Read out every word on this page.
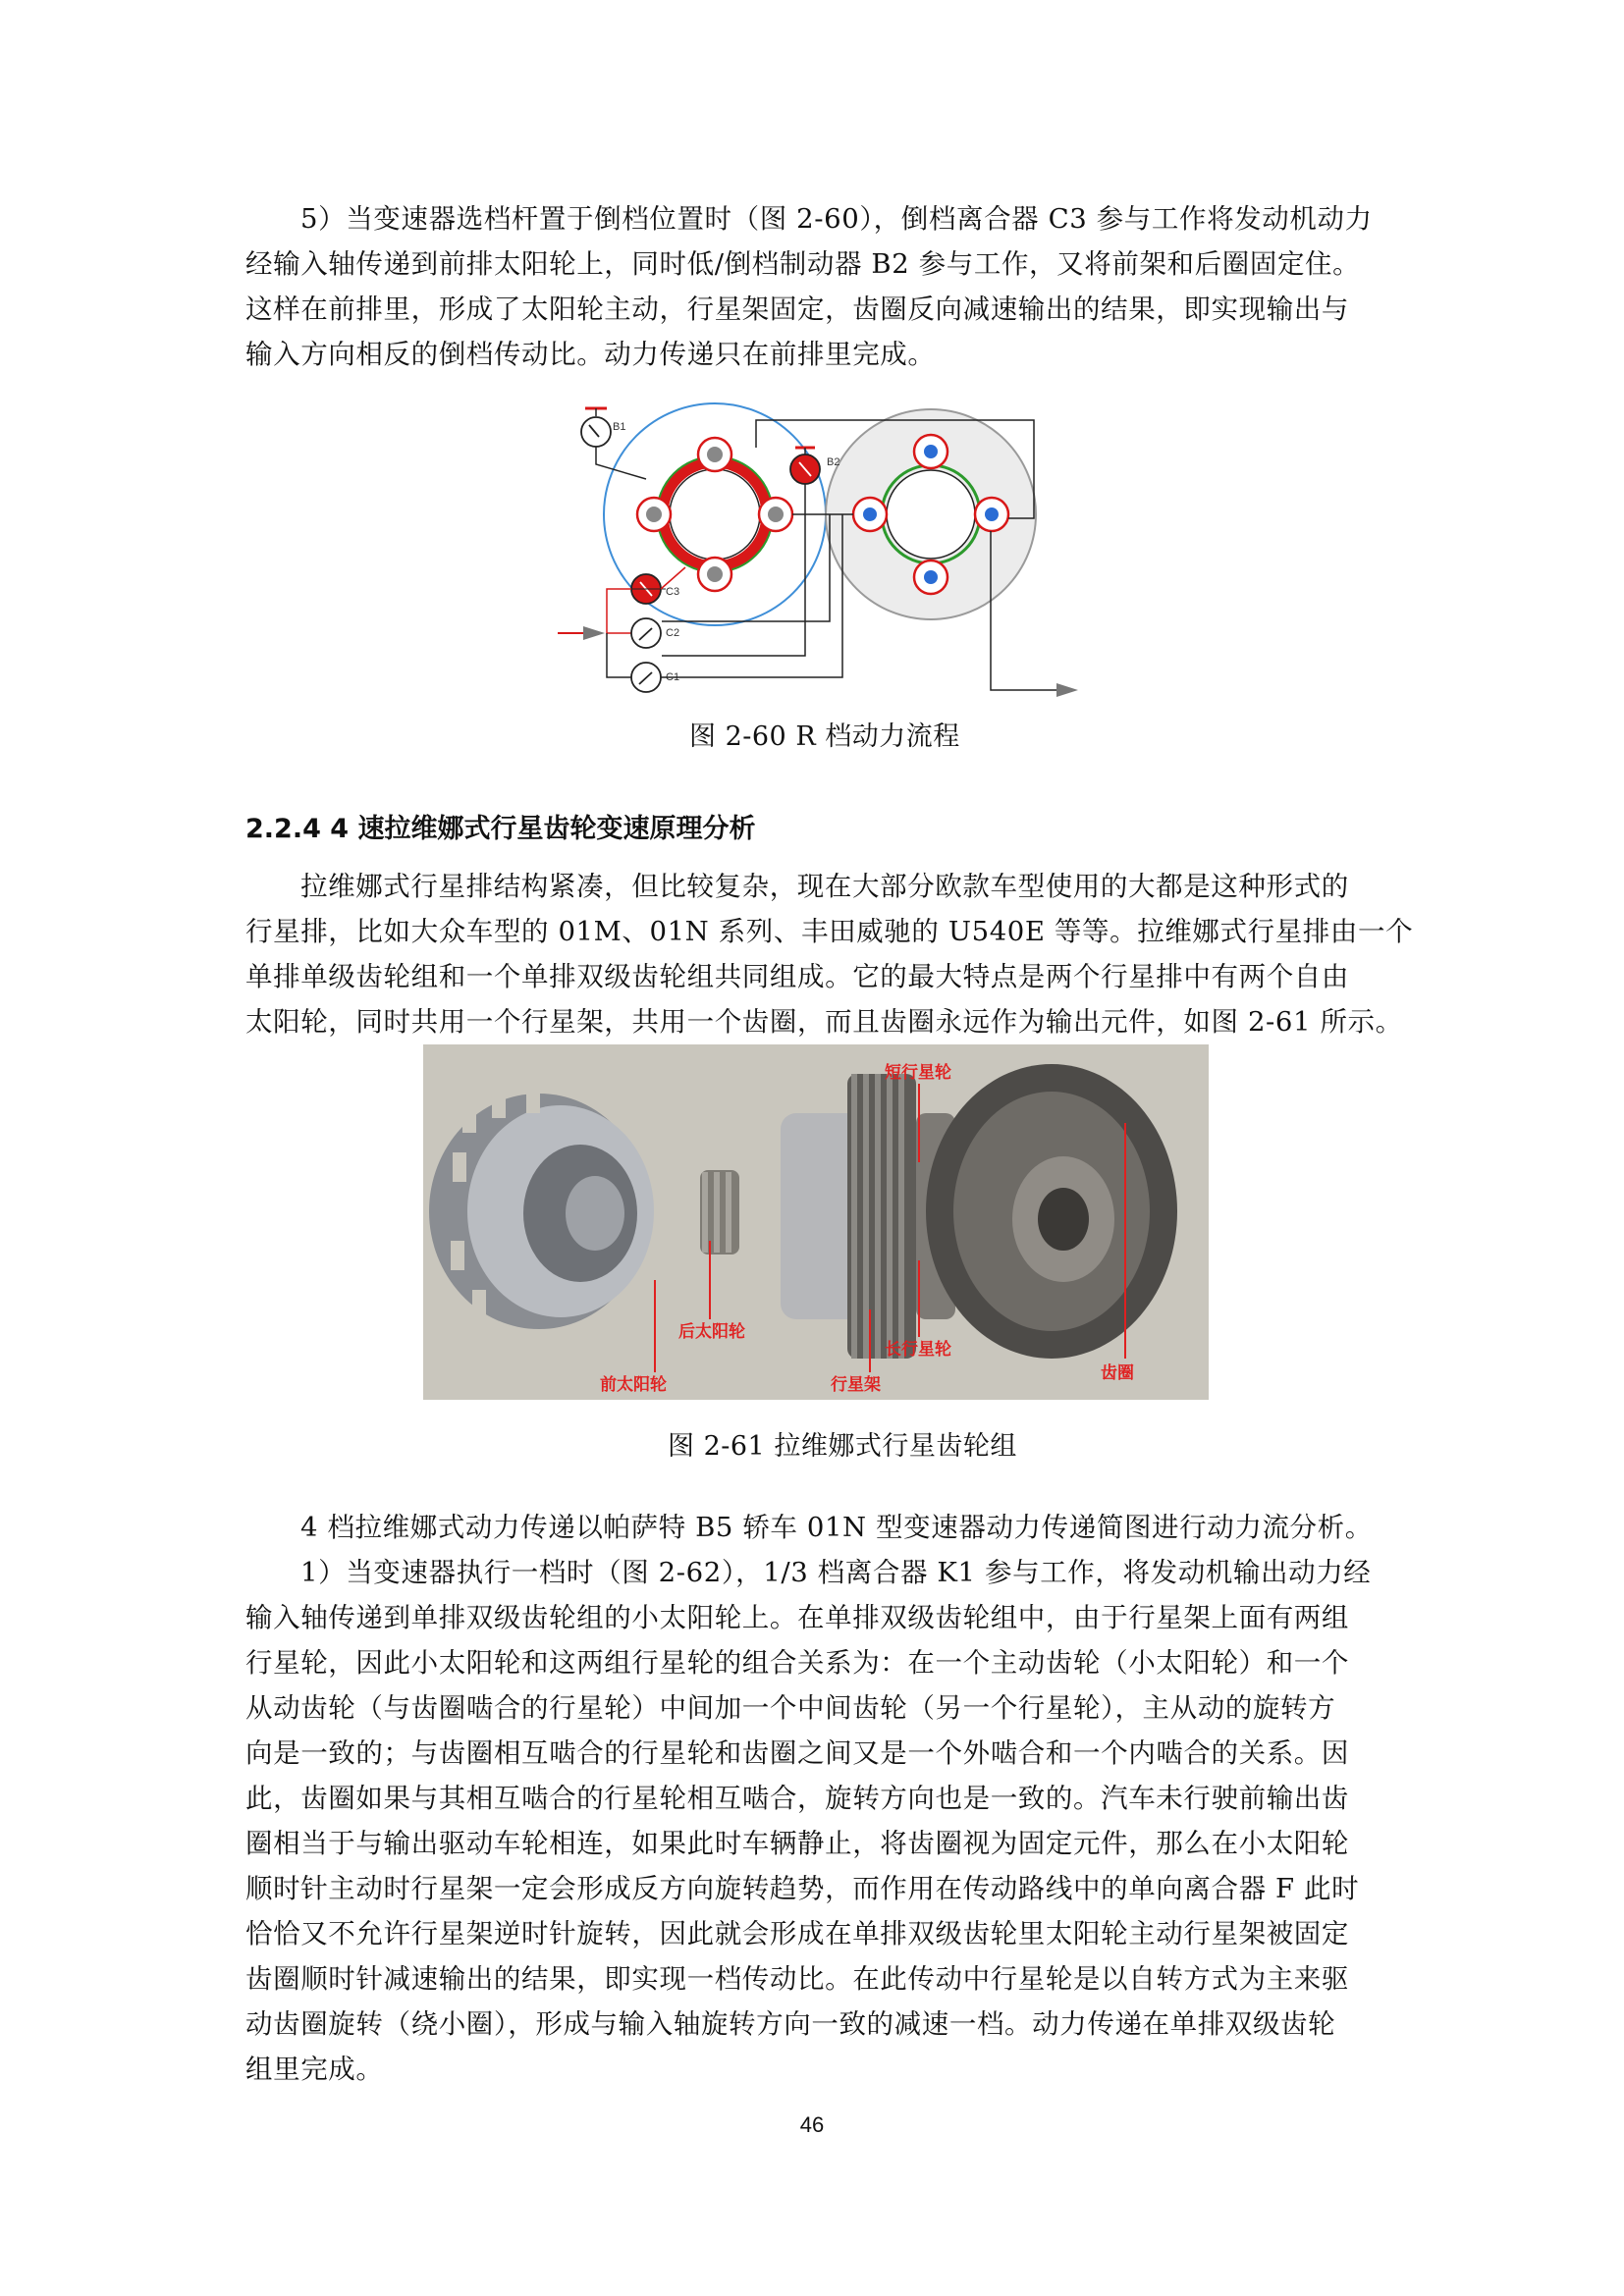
5）当变速器选档杆置于倒档位置时（图 2-60），倒档离合器 C3 参与工作将发动机动力
经输入轴传递到前排太阳轮上，同时低/倒档制动器 B2 参与工作，又将前架和后圈固定住。
这样在前排里，形成了太阳轮主动，行星架固定，齿圈反向减速输出的结果，即实现输出与
输入方向相反的倒档传动比。动力传递只在前排里完成。
B1
B2
C3
C2
C1
图 2-60 R 档动力流程
2.2.4 4 速拉维娜式行星齿轮变速原理分析
拉维娜式行星排结构紧凑，但比较复杂，现在大部分欧款车型使用的大都是这种形式的
行星排，比如大众车型的 01M、01N 系列、丰田威驰的 U540E 等等。拉维娜式行星排由一个
单排单级齿轮组和一个单排双级齿轮组共同组成。它的最大特点是两个行星排中有两个自由
太阳轮，同时共用一个行星架，共用一个齿圈，而且齿圈永远作为输出元件，如图 2-61 所示。
短行星轮
后太阳轮
长行星轮
前太阳轮	行星架
齿圈
图 2-61 拉维娜式行星齿轮组
4 档拉维娜式动力传递以帕萨特 B5 轿车 01N 型变速器动力传递简图进行动力流分析。
1）当变速器执行一档时（图 2-62），1/3 档离合器 K1 参与工作，将发动机输出动力经
输入轴传递到单排双级齿轮组的小太阳轮上。在单排双级齿轮组中，由于行星架上面有两组
行星轮，因此小太阳轮和这两组行星轮的组合关系为：在一个主动齿轮（小太阳轮）和一个
从动齿轮（与齿圈啮合的行星轮）中间加一个中间齿轮（另一个行星轮），主从动的旋转方
向是一致的；与齿圈相互啮合的行星轮和齿圈之间又是一个外啮合和一个内啮合的关系。因
此，齿圈如果与其相互啮合的行星轮相互啮合，旋转方向也是一致的。汽车未行驶前输出齿
圈相当于与输出驱动车轮相连，如果此时车辆静止，将齿圈视为固定元件，那么在小太阳轮
顺时针主动时行星架一定会形成反方向旋转趋势，而作用在传动路线中的单向离合器 F 此时
恰恰又不允许行星架逆时针旋转，因此就会形成在单排双级齿轮里太阳轮主动行星架被固定
齿圈顺时针减速输出的结果，即实现一档传动比。在此传动中行星轮是以自转方式为主来驱
动齿圈旋转（绕小圈），形成与输入轴旋转方向一致的减速一档。动力传递在单排双级齿轮
组里完成。
46
